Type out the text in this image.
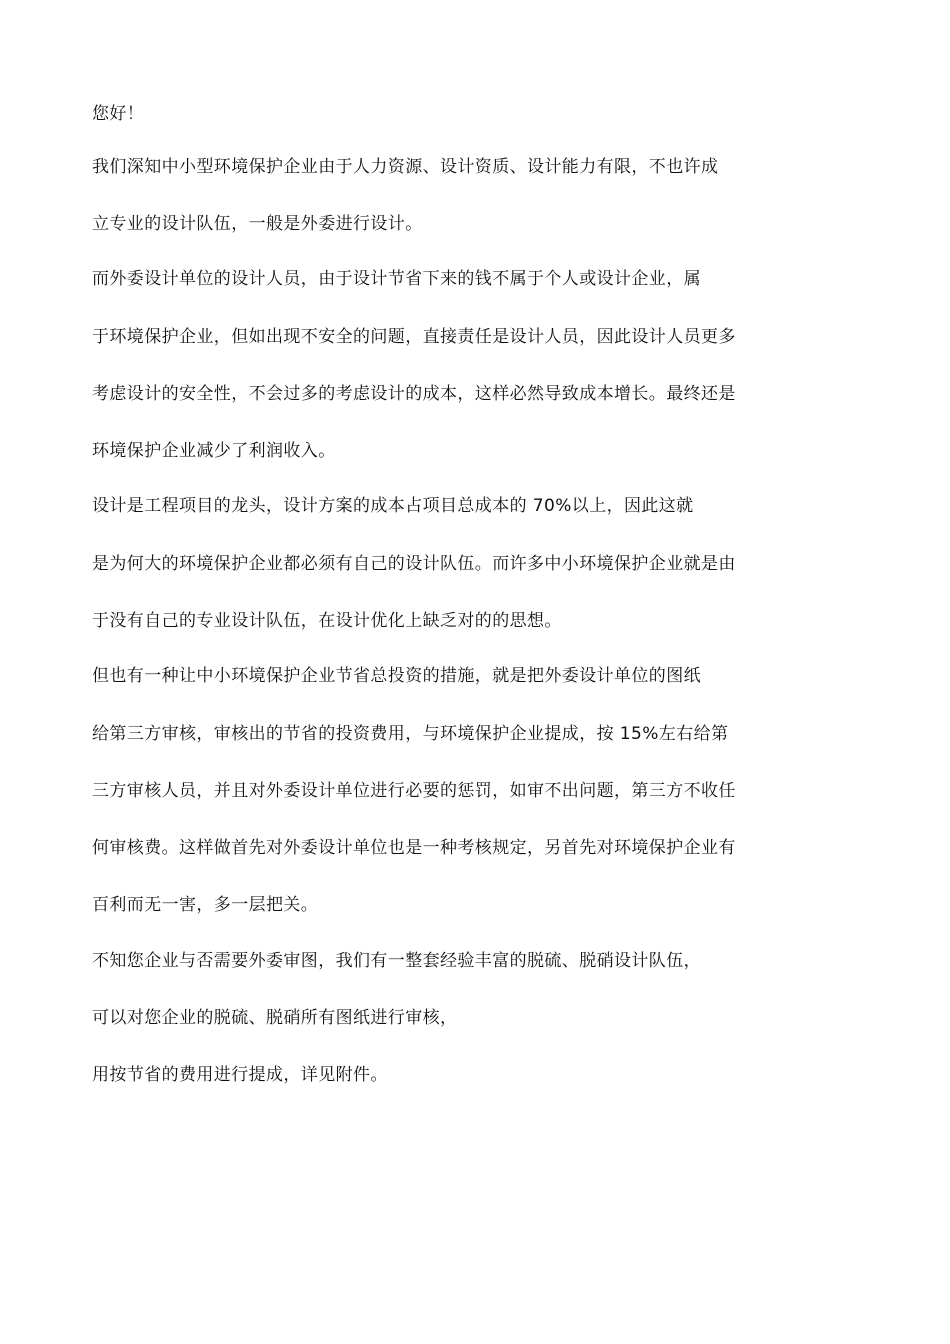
您好！
我们深知中小型环境保护企业由于人力资源、设计资质、设计能力有限，不也许成
立专业的设计队伍，一般是外委进行设计。
而外委设计单位的设计人员，由于设计节省下来的钱不属于个人或设计企业，属
于环境保护企业，但如出现不安全的问题，直接责任是设计人员，因此设计人员更多
考虑设计的安全性，不会过多的考虑设计的成本，这样必然导致成本增长。最终还是
环境保护企业减少了利润收入。
设计是工程项目的龙头，设计方案的成本占项目总成本的 70%以上，因此这就
是为何大的环境保护企业都必须有自己的设计队伍。而许多中小环境保护企业就是由
于没有自己的专业设计队伍，在设计优化上缺乏对的的思想。
但也有一种让中小环境保护企业节省总投资的措施，就是把外委设计单位的图纸
给第三方审核，审核出的节省的投资费用，与环境保护企业提成，按 15%左右给第
三方审核人员，并且对外委设计单位进行必要的惩罚，如审不出问题，第三方不收任
何审核费。这样做首先对外委设计单位也是一种考核规定，另首先对环境保护企业有
百利而无一害，多一层把关。
不知您企业与否需要外委审图，我们有一整套经验丰富的脱硫、脱硝设计队伍，
可以对您企业的脱硫、脱硝所有图纸进行审核，
用按节省的费用进行提成，详见附件。
